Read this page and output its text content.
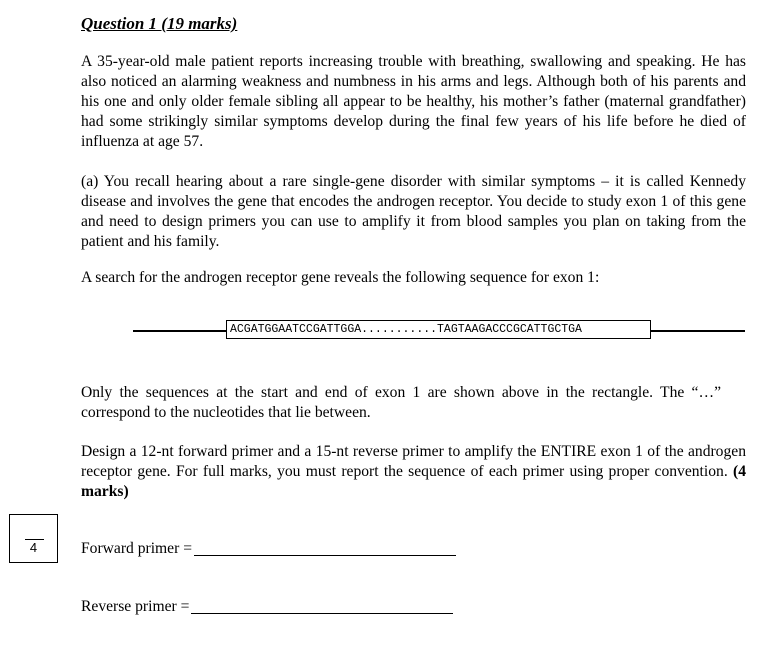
Question 1 (19 marks)

A 35-year-old male patient reports increasing trouble with breathing, swallowing and speaking. He has also noticed an alarming weakness and numbness in his arms and legs. Although both of his parents and his one and only older female sibling all appear to be healthy, his mother’s father (maternal grandfather) had some strikingly similar symptoms develop during the final few years of his life before he died of influenza at age 57.

(a) You recall hearing about a rare single-gene disorder with similar symptoms – it is called Kennedy disease and involves the gene that encodes the androgen receptor. You decide to study exon 1 of this gene and need to design primers you can use to amplify it from blood samples you plan on taking from the patient and his family.

A search for the androgen receptor gene reveals the following sequence for exon 1:

ACGATGGAATCCGATTGGA...........TAGTAAGACCCGCATTGCTGA

Only the sequences at the start and end of exon 1 are shown above in the rectangle. The “…” correspond to the nucleotides that lie between.

Design a 12-nt forward primer and a 15-nt reverse primer to amplify the ENTIRE exon 1 of the androgen receptor gene. For full marks, you must report the sequence of each primer using proper convention. (4 marks)

4	Forward primer =
Reverse primer =
